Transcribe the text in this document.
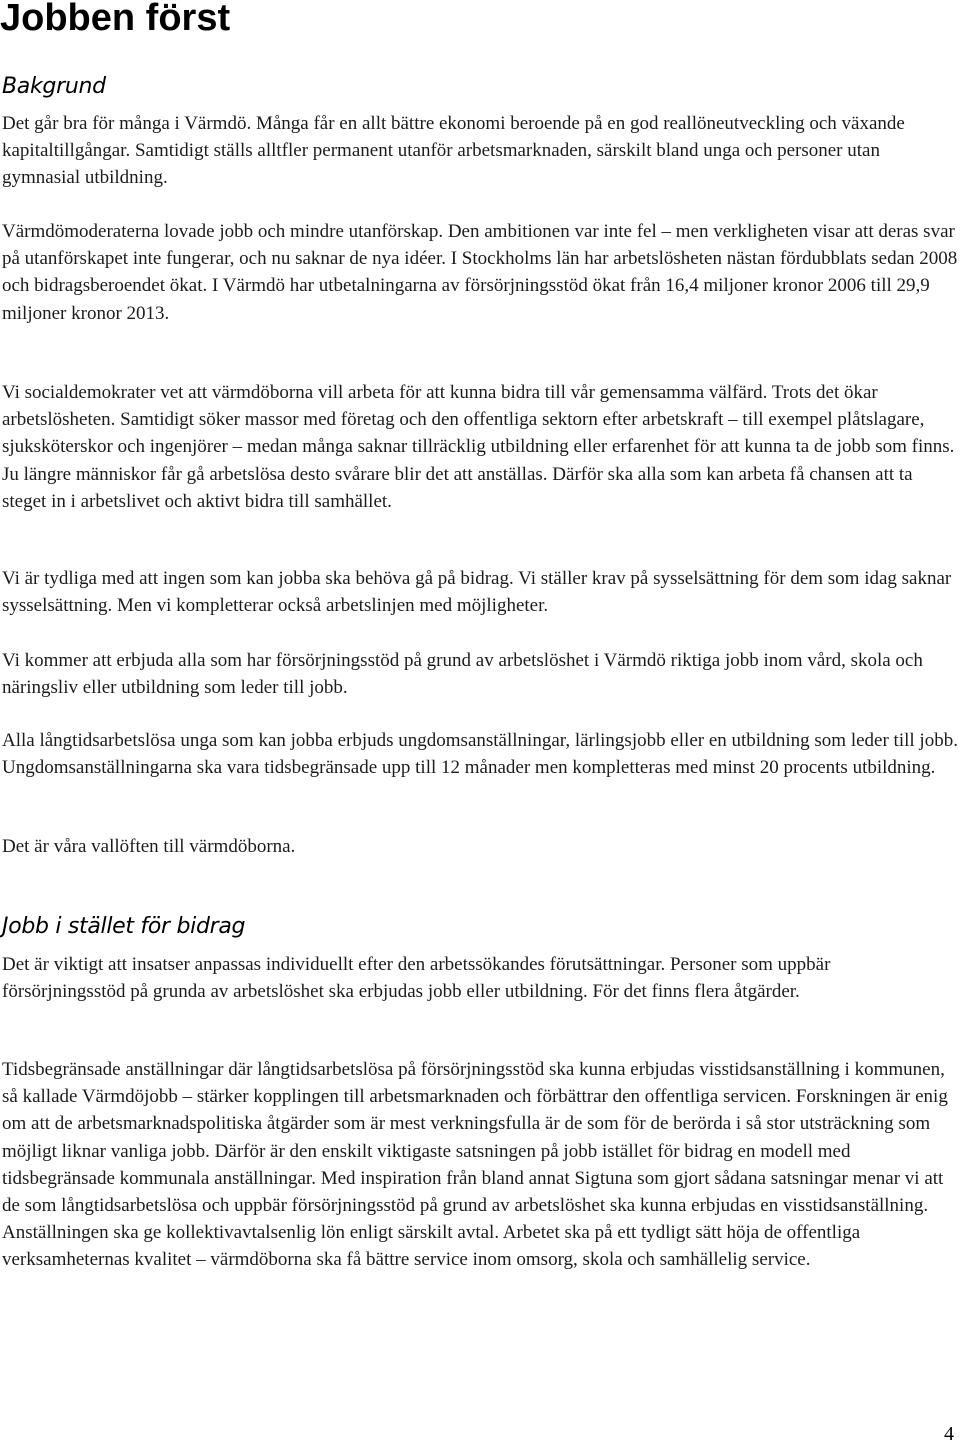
Jobben först
Bakgrund

Det går bra för många i Värmdö. Många får en allt bättre ekonomi beroende på en god reallöneutveckling och växande kapitaltillgångar. Samtidigt ställs alltfler permanent utanför arbetsmarknaden, särskilt bland unga och personer utan gymnasial utbildning.

Värmdömoderaterna lovade jobb och mindre utanförskap. Den ambitionen var inte fel – men verkligheten visar att deras svar på utanförskapet inte fungerar, och nu saknar de nya idéer. I Stockholms län har arbetslösheten nästan fördubblats sedan 2008 och bidragsberoendet ökat. I Värmdö har utbetalningarna av försörjningsstöd ökat från 16,4 miljoner kronor 2006 till 29,9 miljoner kronor 2013.

Vi socialdemokrater vet att värmdöborna vill arbeta för att kunna bidra till vår gemensamma välfärd. Trots det ökar arbetslösheten. Samtidigt söker massor med företag och den offentliga sektorn efter arbetskraft – till exempel plåtslagare, sjuksköterskor och ingenjörer – medan många saknar tillräcklig utbildning eller erfarenhet för att kunna ta de jobb som finns. Ju längre människor får gå arbetslösa desto svårare blir det att anställas. Därför ska alla som kan arbeta få chansen att ta steget in i arbetslivet och aktivt bidra till samhället.

Vi är tydliga med att ingen som kan jobba ska behöva gå på bidrag. Vi ställer krav på sysselsättning för dem som idag saknar sysselsättning. Men vi kompletterar också arbetslinjen med möjligheter.

Vi kommer att erbjuda alla som har försörjningsstöd på grund av arbetslöshet i Värmdö riktiga jobb inom vård, skola och näringsliv eller utbildning som leder till jobb.

Alla långtidsarbetslösa unga som kan jobba erbjuds ungdomsanställningar, lärlingsjobb eller en utbildning som leder till jobb. Ungdomsanställningarna ska vara tidsbegränsade upp till 12 månader men kompletteras med minst 20 procents utbildning.

Det är våra vallöften till värmdöborna.

Jobb i stället för bidrag

Det är viktigt att insatser anpassas individuellt efter den arbetssökandes förutsättningar. Personer som uppbär försörjningsstöd på grunda av arbetslöshet ska erbjudas jobb eller utbildning. För det finns flera åtgärder.

Tidsbegränsade anställningar där långtidsarbetslösa på försörjningsstöd ska kunna erbjudas visstidsanställning i kommunen, så kallade Värmdöjobb – stärker kopplingen till arbetsmarknaden och förbättrar den offentliga servicen. Forskningen är enig om att de arbetsmarknadspolitiska åtgärder som är mest verkningsfulla är de som för de berörda i så stor utsträckning som möjligt liknar vanliga jobb. Därför är den enskilt viktigaste satsningen på jobb istället för bidrag en modell med tidsbegränsade kommunala anställningar. Med inspiration från bland annat Sigtuna som gjort sådana satsningar menar vi att de som långtidsarbetslösa och uppbär försörjningsstöd på grund av arbetslöshet ska kunna erbjudas en visstidsanställning. Anställningen ska ge kollektivavtalsenlig lön enligt särskilt avtal. Arbetet ska på ett tydligt sätt höja de offentliga verksamheternas kvalitet – värmdöborna ska få bättre service inom omsorg, skola och samhällelig service.

4
